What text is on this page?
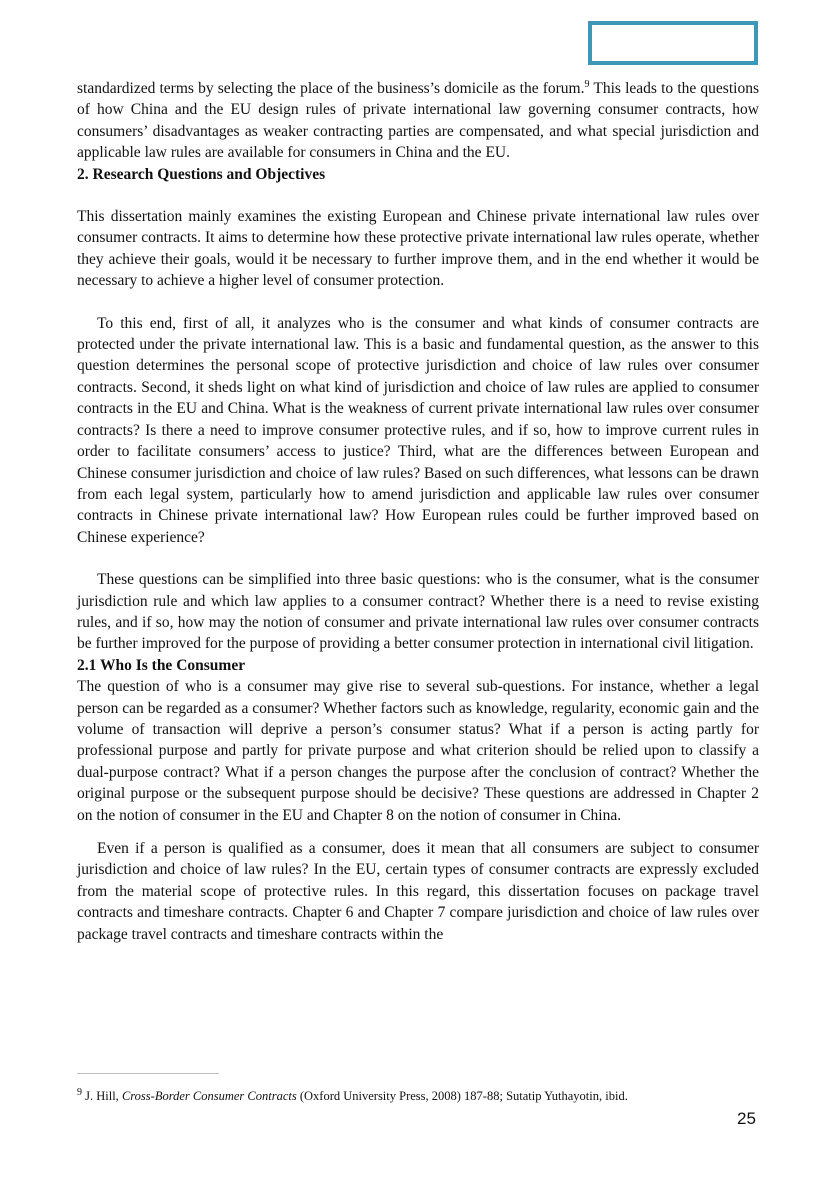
standardized terms by selecting the place of the business’s domicile as the forum.$^9$ This leads to the questions of how China and the EU design rules of private international law governing consumer contracts, how consumers’ disadvantages as weaker contracting parties are compensated, and what special jurisdiction and applicable law rules are available for consumers in China and the EU.

2. Research Questions and Objectives

This dissertation mainly examines the existing European and Chinese private international law rules over consumer contracts. It aims to determine how these protective private international law rules operate, whether they achieve their goals, would it be necessary to further improve them, and in the end whether it would be necessary to achieve a higher level of consumer protection.

To this end, first of all, it analyzes who is the consumer and what kinds of consumer contracts are protected under the private international law. This is a basic and fundamental question, as the answer to this question determines the personal scope of protective jurisdiction and choice of law rules over consumer contracts. Second, it sheds light on what kind of jurisdiction and choice of law rules are applied to consumer contracts in the EU and China. What is the weakness of current private international law rules over consumer contracts? Is there a need to improve consumer protective rules, and if so, how to improve current rules in order to facilitate consumers’ access to justice? Third, what are the differences between European and Chinese consumer jurisdiction and choice of law rules? Based on such differences, what lessons can be drawn from each legal system, particularly how to amend jurisdiction and applicable law rules over consumer contracts in Chinese private international law? How European rules could be further improved based on Chinese experience?

These questions can be simplified into three basic questions: who is the consumer, what is the consumer jurisdiction rule and which law applies to a consumer contract? Whether there is a need to revise existing rules, and if so, how may the notion of consumer and private international law rules over consumer contracts be further improved for the purpose of providing a better consumer protection in international civil litigation.

2.1 Who Is the Consumer

The question of who is a consumer may give rise to several sub-questions. For instance, whether a legal person can be regarded as a consumer? Whether factors such as knowledge, regularity, economic gain and the volume of transaction will deprive a person’s consumer status? What if a person is acting partly for professional purpose and partly for private purpose and what criterion should be relied upon to classify a dual-purpose contract? What if a person changes the purpose after the conclusion of contract? Whether the original purpose or the subsequent purpose should be decisive? These questions are addressed in Chapter 2 on the notion of consumer in the EU and Chapter 8 on the notion of consumer in China.

Even if a person is qualified as a consumer, does it mean that all consumers are subject to consumer jurisdiction and choice of law rules? In the EU, certain types of consumer contracts are expressly excluded from the material scope of protective rules. In this regard, this dissertation focuses on package travel contracts and timeshare contracts. Chapter 6 and Chapter 7 compare jurisdiction and choice of law rules over package travel contracts and timeshare contracts within the

$^9$ J. Hill, Cross-Border Consumer Contracts (Oxford University Press, 2008) 187-88; Sutatip Yuthayotin, ibid.
25
